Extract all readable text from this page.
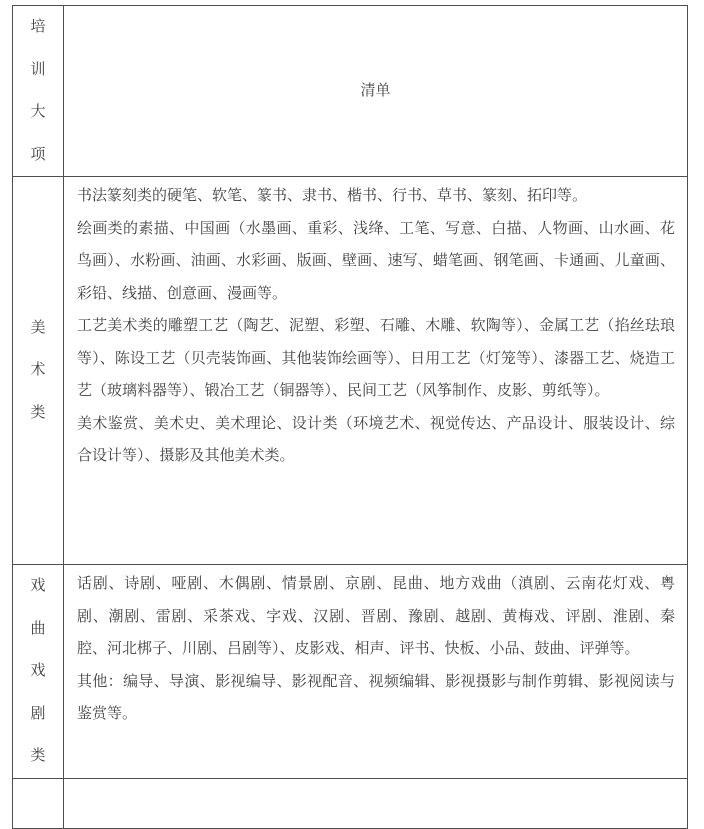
培
训
大
项
清单
美
术
类

书法篆刻类的硬笔、软笔、篆书、隶书、楷书、行书、草书、篆刻、拓印等。

绘画类的素描、中国画（水墨画、重彩、浅绛、工笔、写意、白描、人物画、山水画、花鸟画）、水粉画、油画、水彩画、版画、壁画、速写、蜡笔画、钢笔画、卡通画、儿童画、彩铅、线描、创意画、漫画等。

工艺美术类的雕塑工艺（陶艺、泥塑、彩塑、石雕、木雕、软陶等）、金属工艺（掐丝珐琅等）、陈设工艺（贝壳装饰画、其他装饰绘画等）、日用工艺（灯笼等）、漆器工艺、烧造工艺（玻璃料器等）、锻冶工艺（铜器等）、民间工艺（风筝制作、皮影、剪纸等）。

美术鉴赏、美术史、美术理论、设计类（环境艺术、视觉传达、产品设计、服装设计、综合设计等）、摄影及其他美术类。

戏
曲
戏
剧
类

话剧、诗剧、哑剧、木偶剧、情景剧、京剧、昆曲、地方戏曲（滇剧、云南花灯戏、粤剧、潮剧、雷剧、采茶戏、字戏、汉剧、晋剧、豫剧、越剧、黄梅戏、评剧、淮剧、秦腔、河北梆子、川剧、吕剧等）、皮影戏、相声、评书、快板、小品、鼓曲、评弹等。

其他：编导、导演、影视编导、影视配音、视频编辑、影视摄影与制作剪辑、影视阅读与鉴赏等。
